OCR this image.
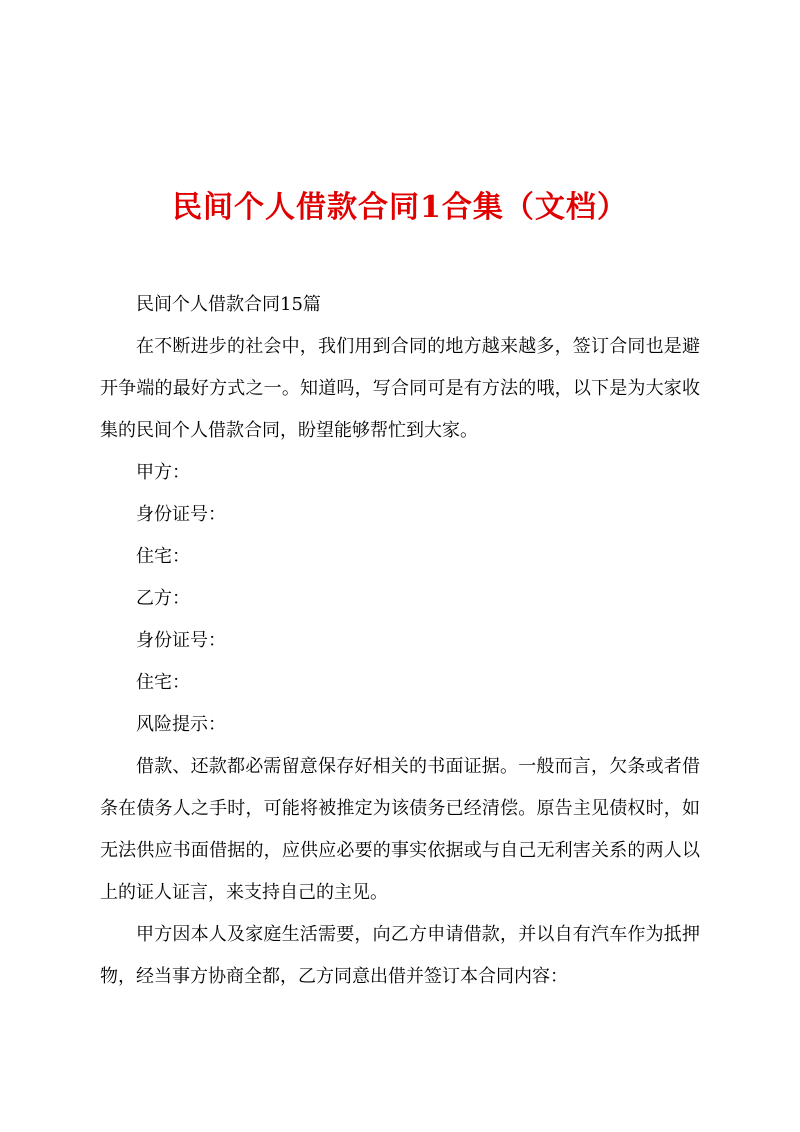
民间个人借款合同1合集（文档）

民间个人借款合同15篇

在不断进步的社会中，我们用到合同的地方越来越多，签订合同也是避开争端的最好方式之一。知道吗，写合同可是有方法的哦，以下是为大家收集的民间个人借款合同，盼望能够帮忙到大家。

甲方：

身份证号：

住宅：

乙方：

身份证号：

住宅：

风险提示：

借款、还款都必需留意保存好相关的书面证据。一般而言，欠条或者借条在债务人之手时，可能将被推定为该债务已经清偿。原告主见债权时，如无法供应书面借据的，应供应必要的事实依据或与自己无利害关系的两人以上的证人证言，来支持自己的主见。

甲方因本人及家庭生活需要，向乙方申请借款，并以自有汽车作为抵押物，经当事方协商全都，乙方同意出借并签订本合同内容：
